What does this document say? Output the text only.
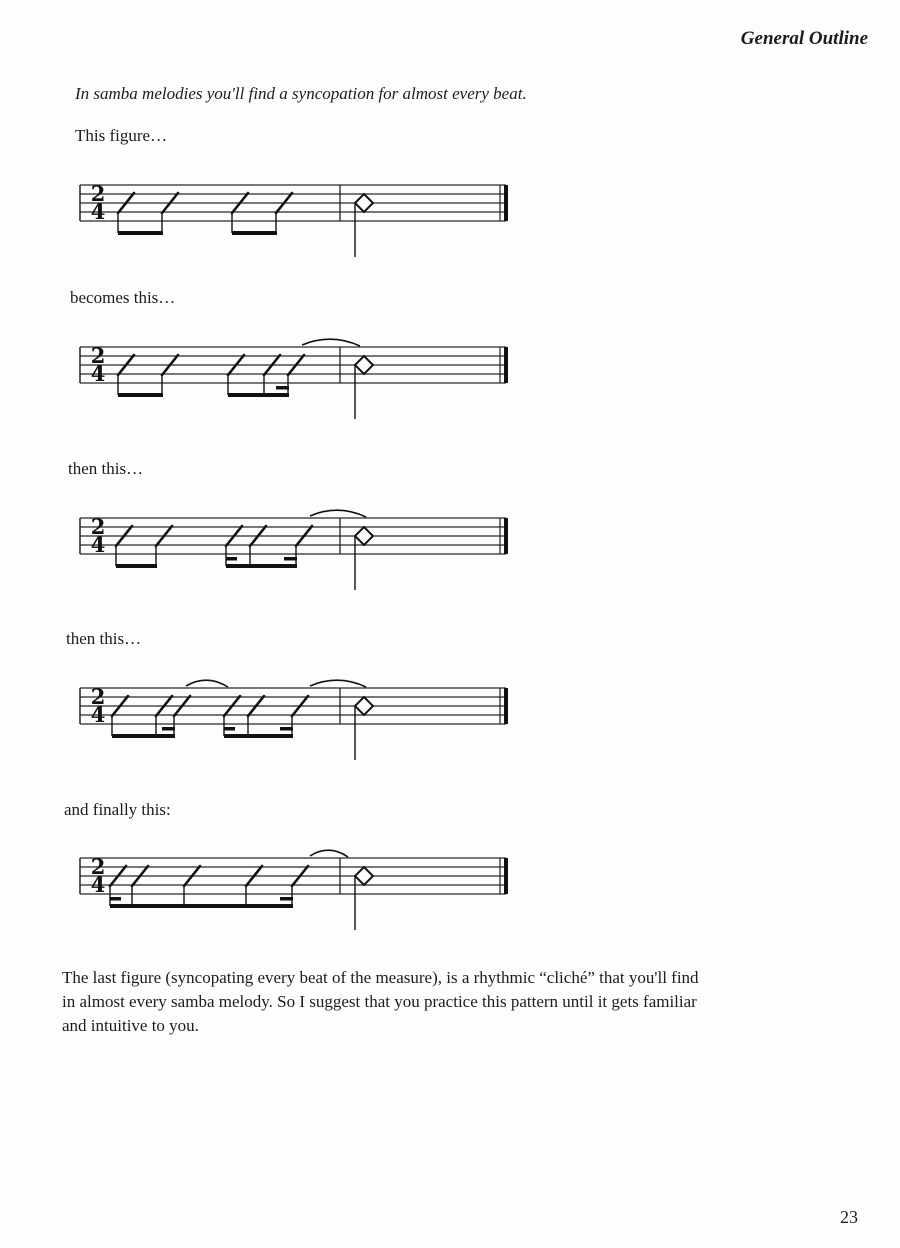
General Outline
In samba melodies you'll find a syncopation for almost every beat.
This figure…
2
4
becomes this…
2
4
then this…
2
4
then this…
2
4
and finally this:
2
4
The last figure (syncopating every beat of the measure), is a rhythmic “cliché” that you'll find in almost every samba melody. So I suggest that you practice this pattern until it gets familiar and intuitive to you.
23
